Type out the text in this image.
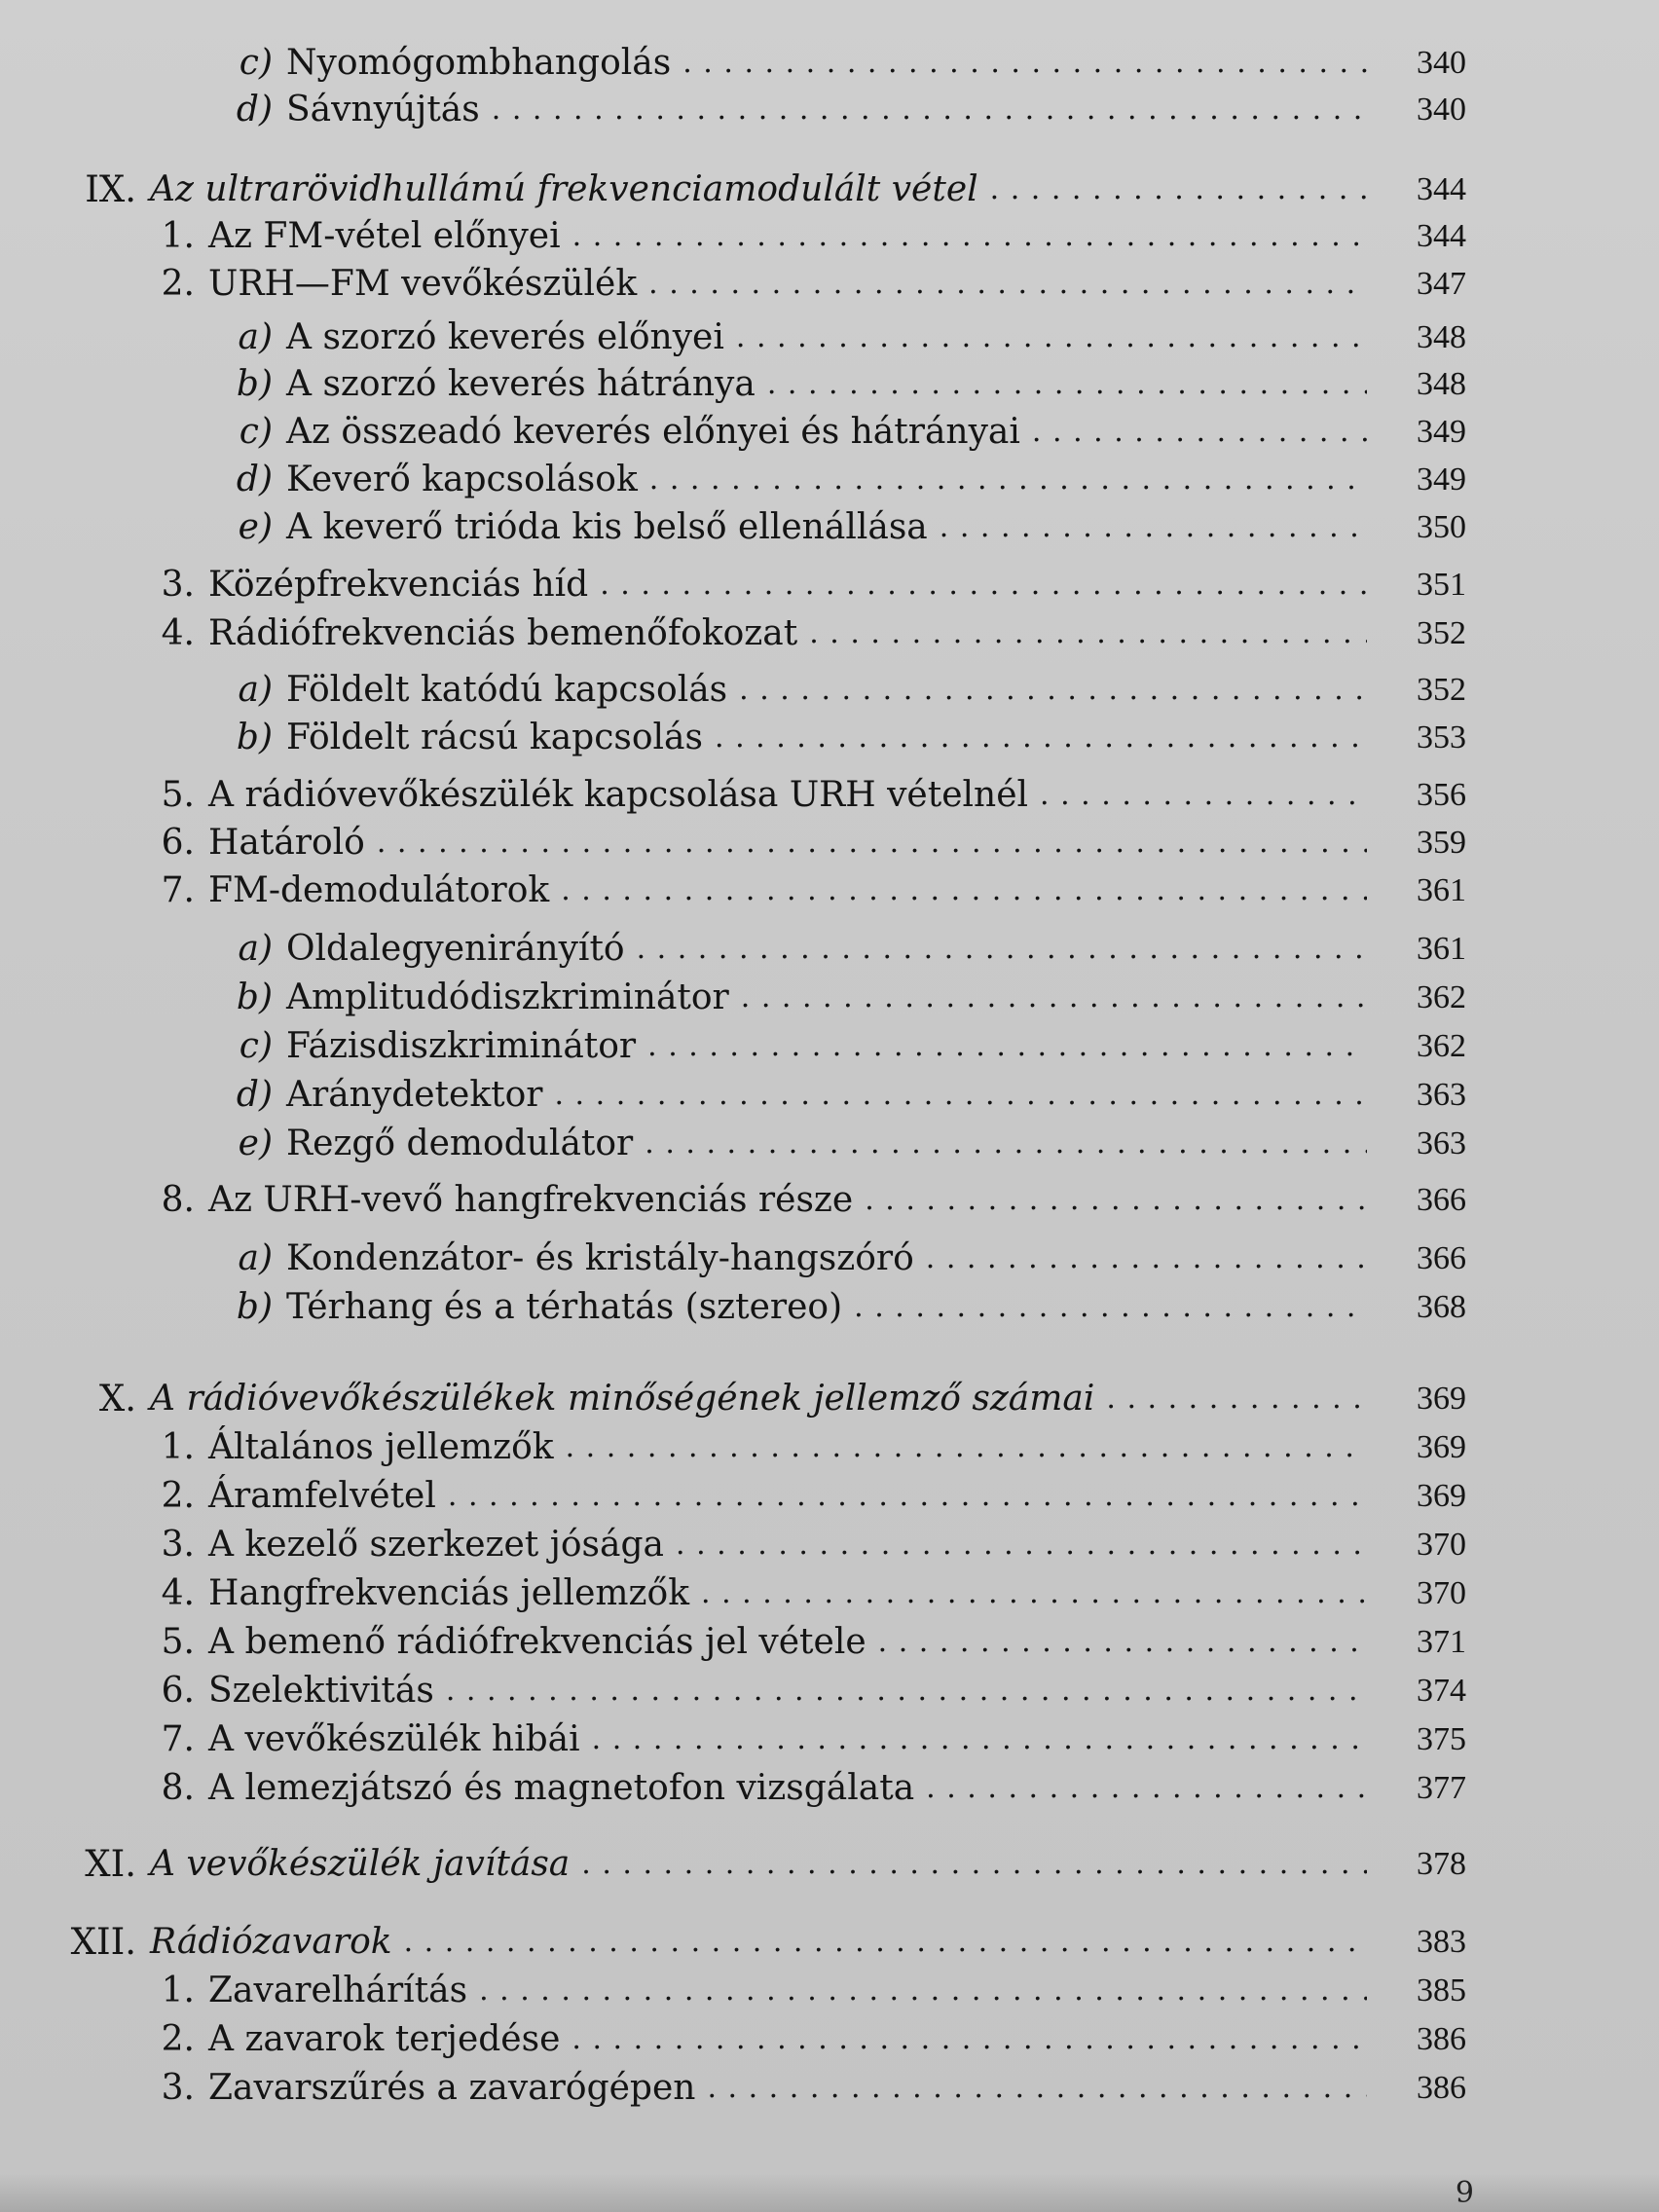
c) Nyomógombhangolás . . .	340
d) Sávnyújtás . . .	340
IX. Az ultrarövidhullámú frekvenciamodulált vétel . . .	344
1. Az FM-vétel előnyei . . .	344
2. URH—FM vevőkészülék . . .	347
a) A szorzó keverés előnyei . . .	348
b) A szorzó keverés hátránya . . .	348
c) Az összeadó keverés előnyei és hátrányai . . .	349
d) Keverő kapcsolások . . .	349
e) A keverő trióda kis belső ellenállása . . .	350
3. Középfrekvenciás híd . . .	351
4. Rádiófrekvenciás bemenőfokozat . . .	352
a) Földelt katódú kapcsolás . . .	352
b) Földelt rácsú kapcsolás . . .	353
5. A rádióvevőkészülék kapcsolása URH vételnél . . .	356
6. Határoló . . .	359
7. FM-demodulátorok . . .	361
a) Oldalegyenirányító . . .	361
b) Amplitudódiszkriminátor . . .	362
c) Fázisdiszkriminátor . . .	362
d) Aránydetektor . . .	363
e) Rezgő demodulátor . . .	363
8. Az URH-vevő hangfrekvenciás része . . .	366
a) Kondenzátor- és kristály-hangszóró . . .	366
b) Térhang és a térhatás (sztereo) . . .	368
X. A rádióvevőkészülékek minőségének jellemző számai . . .	369
1. Általános jellemzők . . .	369
2. Áramfelvétel . . .	369
3. A kezelő szerkezet jósága . . .	370
4. Hangfrekvenciás jellemzők . . .	370
5. A bemenő rádiófrekvenciás jel vétele . . .	371
6. Szelektivitás . . .	374
7. A vevőkészülék hibái . . .	375
8. A lemezjátszó és magnetofon vizsgálata . . .	377
XI. A vevőkészülék javítása . . .	378
XII. Rádiózavarok . . .	383
1. Zavarelhárítás . . .	385
2. A zavarok terjedése . . .	386
3. Zavarszűrés a zavarógépen . . .	386
9
